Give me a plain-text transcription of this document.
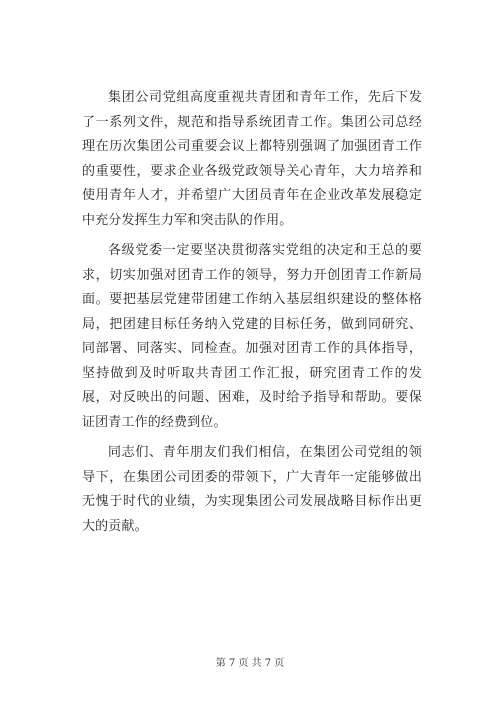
集团公司党组高度重视共青团和青年工作，先后下发了一系列文件，规范和指导系统团青工作。集团公司总经理在历次集团公司重要会议上都特别强调了加强团青工作的重要性，要求企业各级党政领导关心青年，大力培养和使用青年人才，并希望广大团员青年在企业改革发展稳定中充分发挥生力军和突击队的作用。

各级党委一定要坚决贯彻落实党组的决定和王总的要求，切实加强对团青工作的领导，努力开创团青工作新局面。要把基层党建带团建工作纳入基层组织建设的整体格局，把团建目标任务纳入党建的目标任务，做到同研究、同部署、同落实、同检查。加强对团青工作的具体指导，坚持做到及时听取共青团工作汇报，研究团青工作的发展，对反映出的问题、困难，及时给予指导和帮助。要保证团青工作的经费到位。

同志们、青年朋友们我们相信，在集团公司党组的领导下，在集团公司团委的带领下，广大青年一定能够做出无愧于时代的业绩，为实现集团公司发展战略目标作出更大的贡献。

第 7 页 共 7 页
